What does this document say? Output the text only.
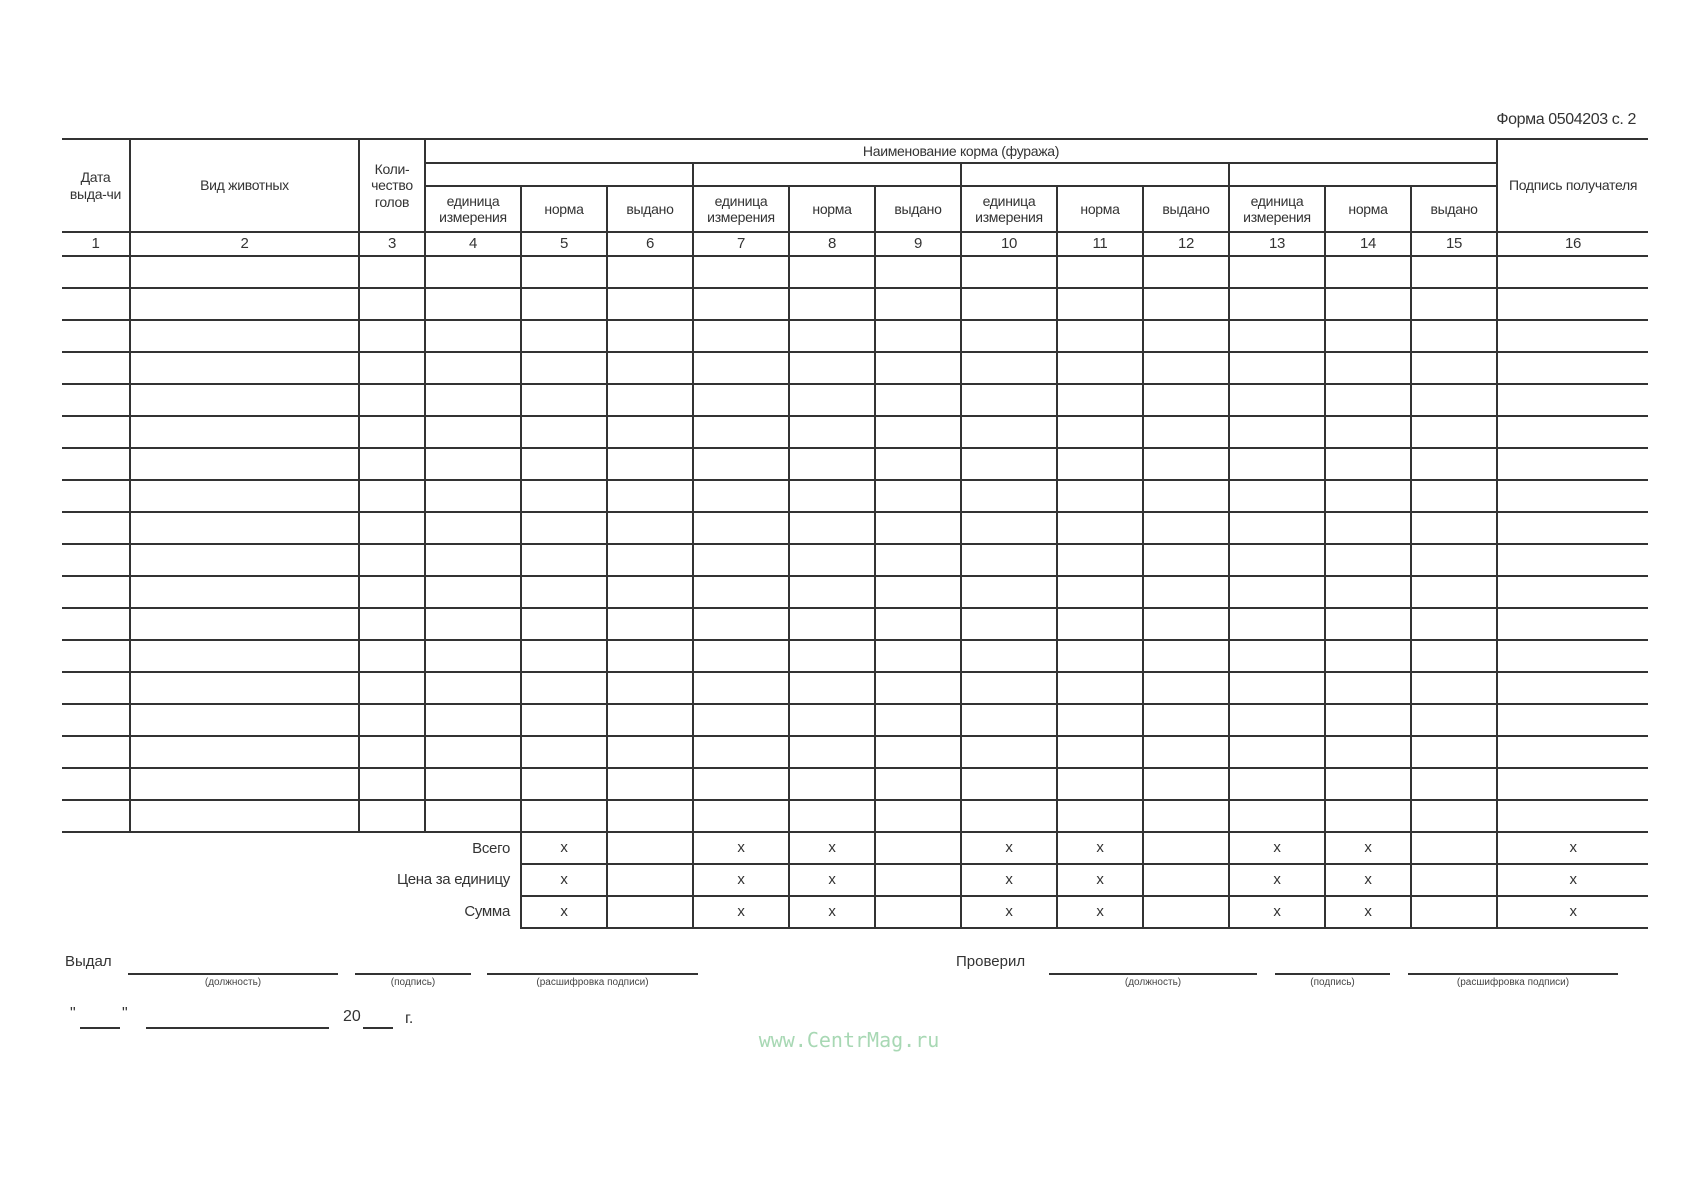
Форма 0504203 с. 2
Дата выда-чи	Вид животных	Коли-чество голов	Наименование корма (фуража)												Подпись получателя

			единица измерения	норма	выдано	единица измерения	норма	выдано	единица измерения	норма	выдано	единица измерения	норма	выдано	
1	2	3	4	5	6	7	8	9	10	11	12	13	14	15	16

Всего				x		x	x		x	x		x	x		x
Цена за единицу				x		x	x		x	x		x	x		x
Сумма				x		x	x		x	x		x	x		x
Выдал
(должность)	(подпись)	(расшифровка подписи)
Проверил
(должность)	(подпись)	(расшифровка подписи)
"	"	20	г.
www.CentrMag.ru
